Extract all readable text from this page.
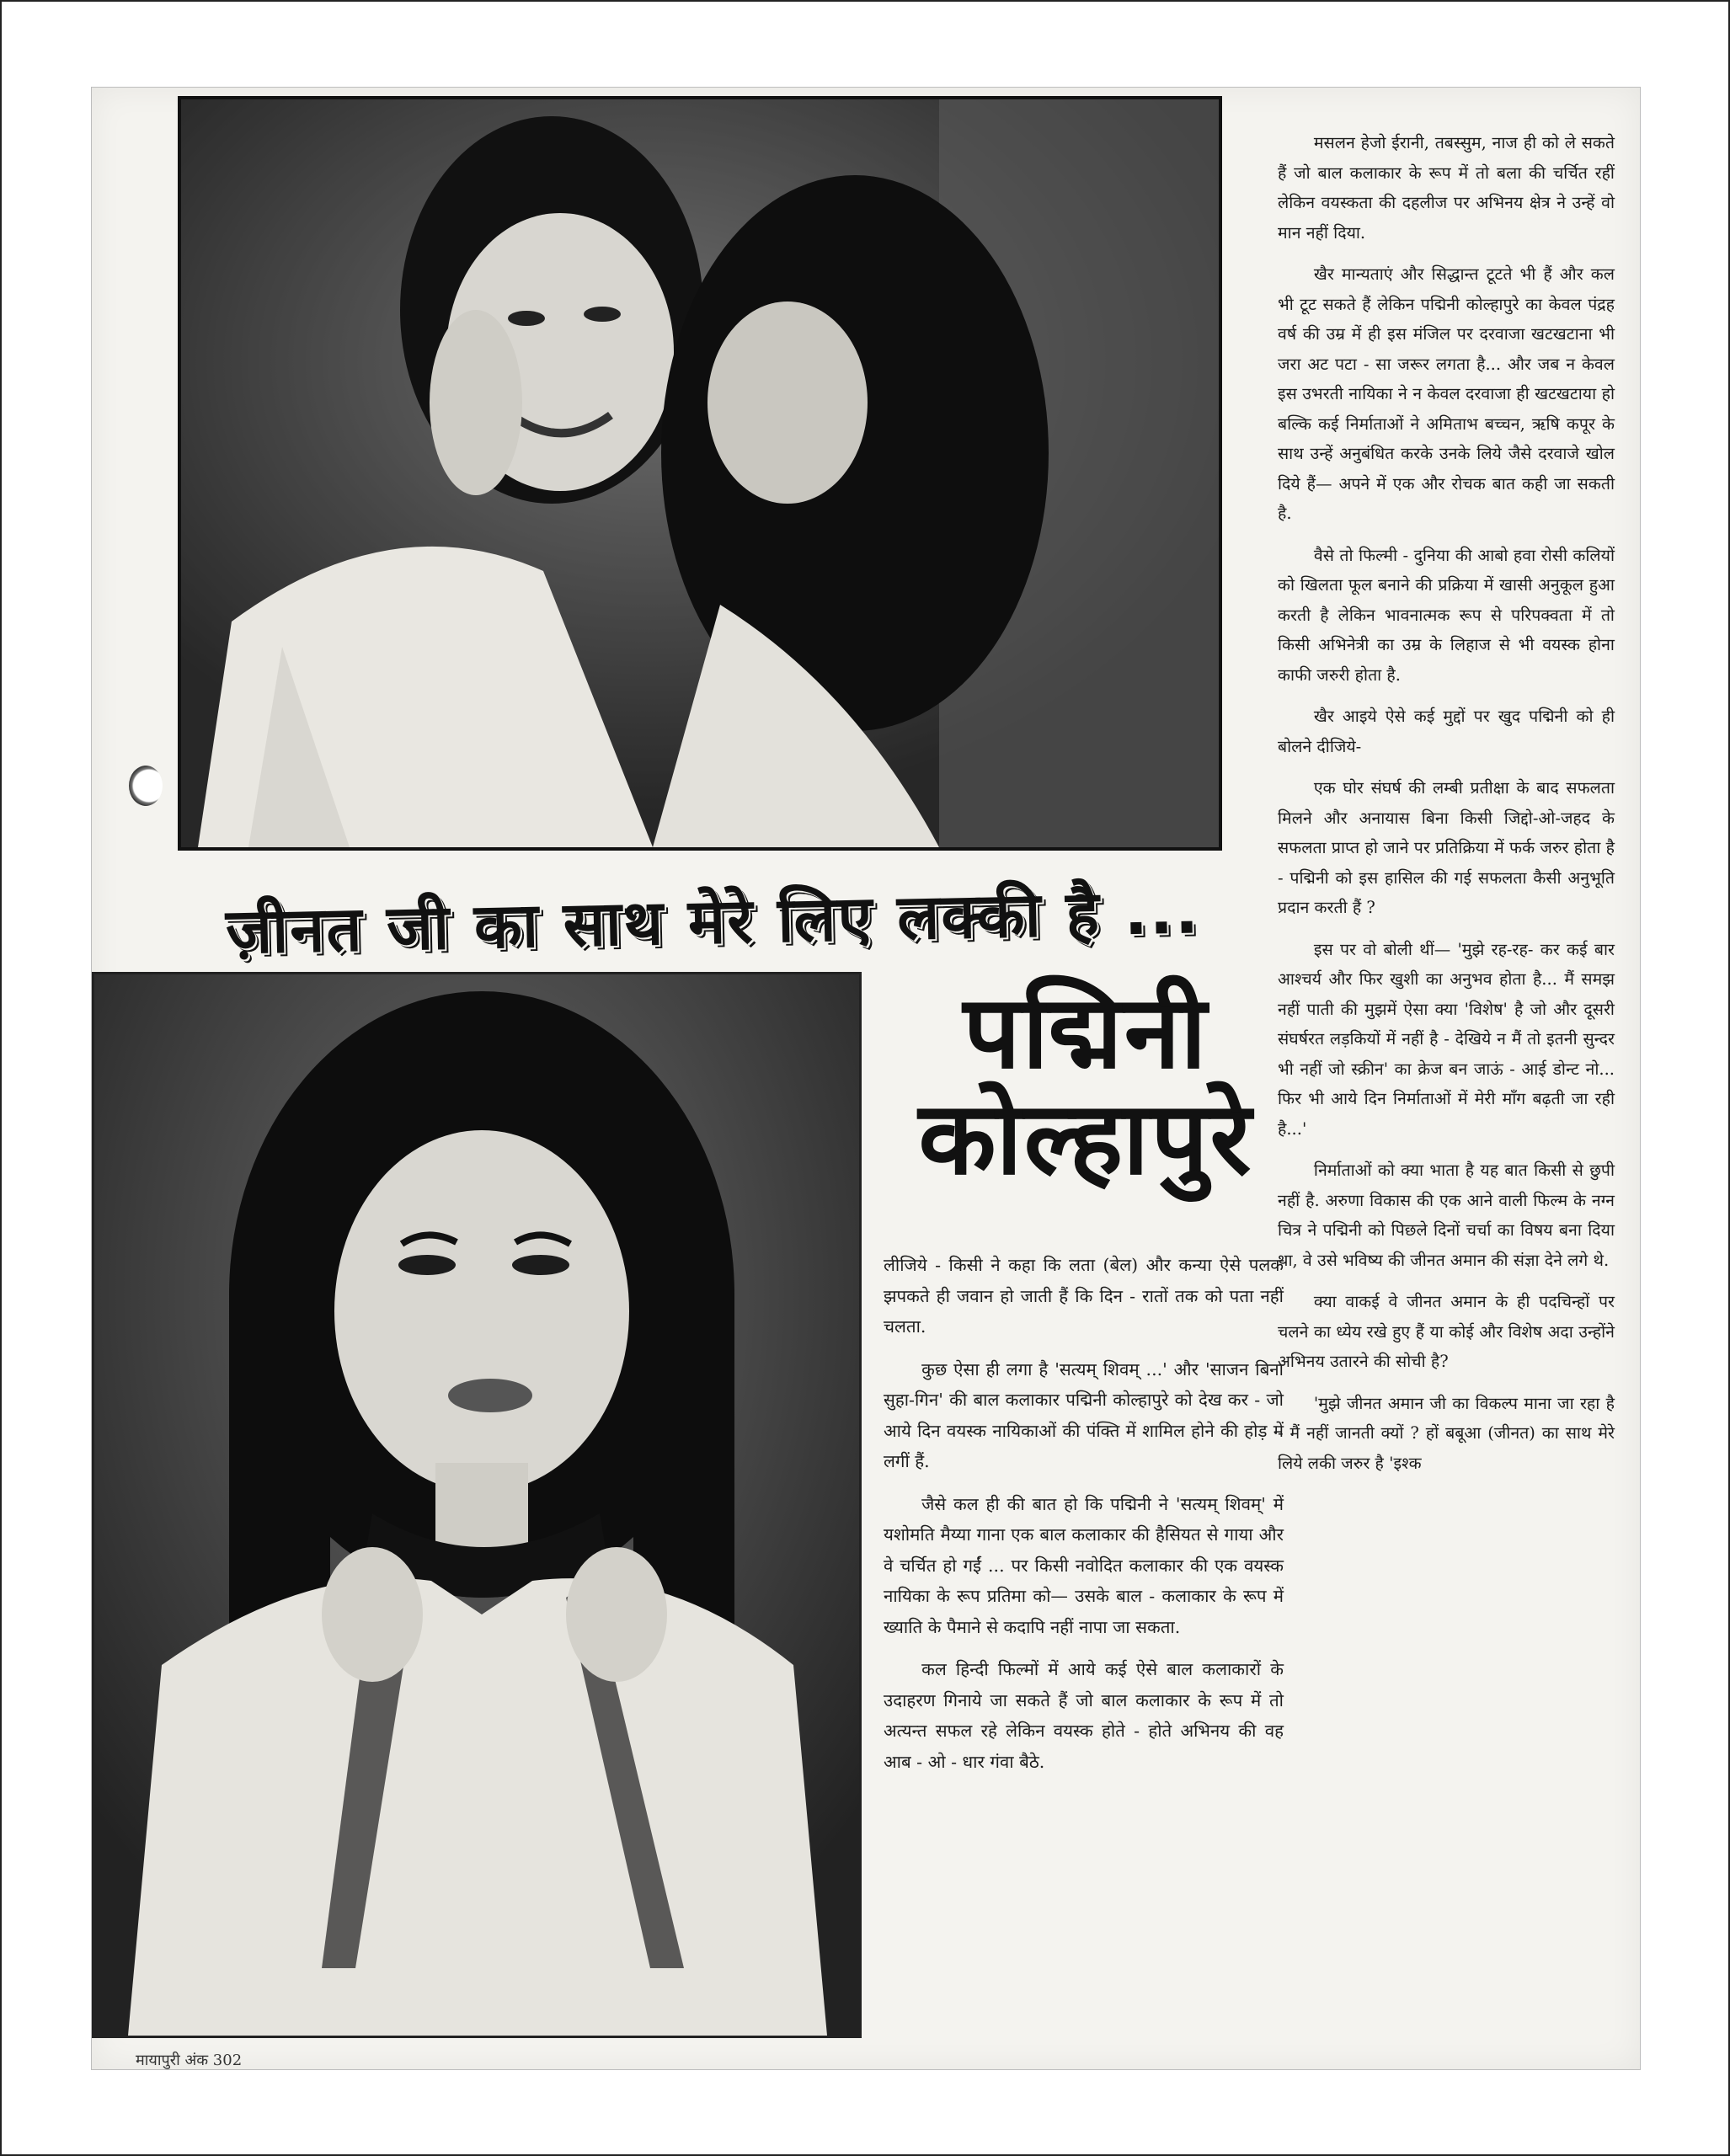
ज़ीनत जी का साथ मेरे लिए लक्की है ...
पद्मिनी
कोल्हापुरे

लीजिये - किसी ने कहा कि लता (बेल) और कन्या ऐसे पलक झपकते ही जवान हो जाती हैं कि दिन - रातों तक को पता नहीं चलता.

कुछ ऐसा ही लगा है 'सत्यम् शिवम् ...' और 'साजन बिना सुहा-गिन' की बाल कलाकार पद्मिनी कोल्हापुरे को देख कर - जो आये दिन वयस्क नायिकाओं की पंक्ति में शामिल होने की होड़ में लगीं हैं.

जैसे कल ही की बात हो कि पद्मिनी ने 'सत्यम् शिवम्' में यशोमति मैय्या गाना एक बाल कलाकार की हैसियत से गाया और वे चर्चित हो गईं ... पर किसी नवोदित कलाकार की एक वयस्क नायिका के रूप प्रतिमा को— उसके बाल - कलाकार के रूप में ख्याति के पैमाने से कदापि नहीं नापा जा सकता.

कल हिन्दी फिल्मों में आये कई ऐसे बाल कलाकारों के उदाहरण गिनाये जा सकते हैं जो बाल कलाकार के रूप में तो अत्यन्त सफल रहे लेकिन वयस्क होते - होते अभिनय की वह आब - ओ - धार गंवा बैठे.

मसलन हेजो ईरानी, तबस्सुम, नाज ही को ले सकते हैं जो बाल कलाकार के रूप में तो बला की चर्चित रहीं लेकिन वयस्कता की दहलीज पर अभिनय क्षेत्र ने उन्हें वो मान नहीं दिया.

खैर मान्यताएं और सिद्धान्त टूटते भी हैं और कल भी टूट सकते हैं लेकिन पद्मिनी कोल्हापुरे का केवल पंद्रह वर्ष की उम्र में ही इस मंजिल पर दरवाजा खटखटाना भी जरा अट पटा - सा जरूर लगता है... और जब न केवल इस उभरती नायिका ने न केवल दरवाजा ही खटखटाया हो बल्कि कई निर्माताओं ने अमिताभ बच्चन, ऋषि कपूर के साथ उन्हें अनुबंधित करके उनके लिये जैसे दरवाजे खोल दिये हैं— अपने में एक और रोचक बात कही जा सकती है.

वैसे तो फिल्मी - दुनिया की आबो हवा रोसी कलियों को खिलता फूल बनाने की प्रक्रिया में खासी अनुकूल हुआ करती है लेकिन भावनात्मक रूप से परिपक्वता में तो किसी अभिनेत्री का उम्र के लिहाज से भी वयस्क होना काफी जरुरी होता है.

खैर आइये ऐसे कई मुद्दों पर खुद पद्मिनी को ही बोलने दीजिये-

एक घोर संघर्ष की लम्बी प्रतीक्षा के बाद सफलता मिलने और अनायास बिना किसी जिद्दो-ओ-जहद के सफलता प्राप्त हो जाने पर प्रतिक्रिया में फर्क जरुर होता है - पद्मिनी को इस हासिल की गई सफलता कैसी अनुभूति प्रदान करती हैं ?

इस पर वो बोली थीं— 'मुझे रह-रह- कर कई बार आश्चर्य और फिर खुशी का अनुभव होता है... मैं समझ नहीं पाती की मुझमें ऐसा क्या 'विशेष' है जो और दूसरी संघर्षरत लड़कियों में नहीं है - देखिये न मैं तो इतनी सुन्दर भी नहीं जो स्क्रीन' का क्रेज बन जाऊं - आई डोन्ट नो... फिर भी आये दिन निर्माताओं में मेरी माँग बढ़ती जा रही है...'

निर्माताओं को क्या भाता है यह बात किसी से छुपी नहीं है. अरुणा विकास की एक आने वाली फिल्म के नग्न चित्र ने पद्मिनी को पिछले दिनों चर्चा का विषय बना दिया था, वे उसे भविष्य की जीनत अमान की संज्ञा देने लगे थे.

क्या वाकई वे जीनत अमान के ही पदचिन्हों पर चलने का ध्येय रखे हुए हैं या कोई और विशेष अदा उन्होंने अभिनय उतारने की सोची है?

'मुझे जीनत अमान जी का विकल्प माना जा रहा है - मैं नहीं जानती क्यों ? हों बबूआ (जीनत) का साथ मेरे लिये लकी जरुर है 'इश्क

मायापुरी अंक 302
